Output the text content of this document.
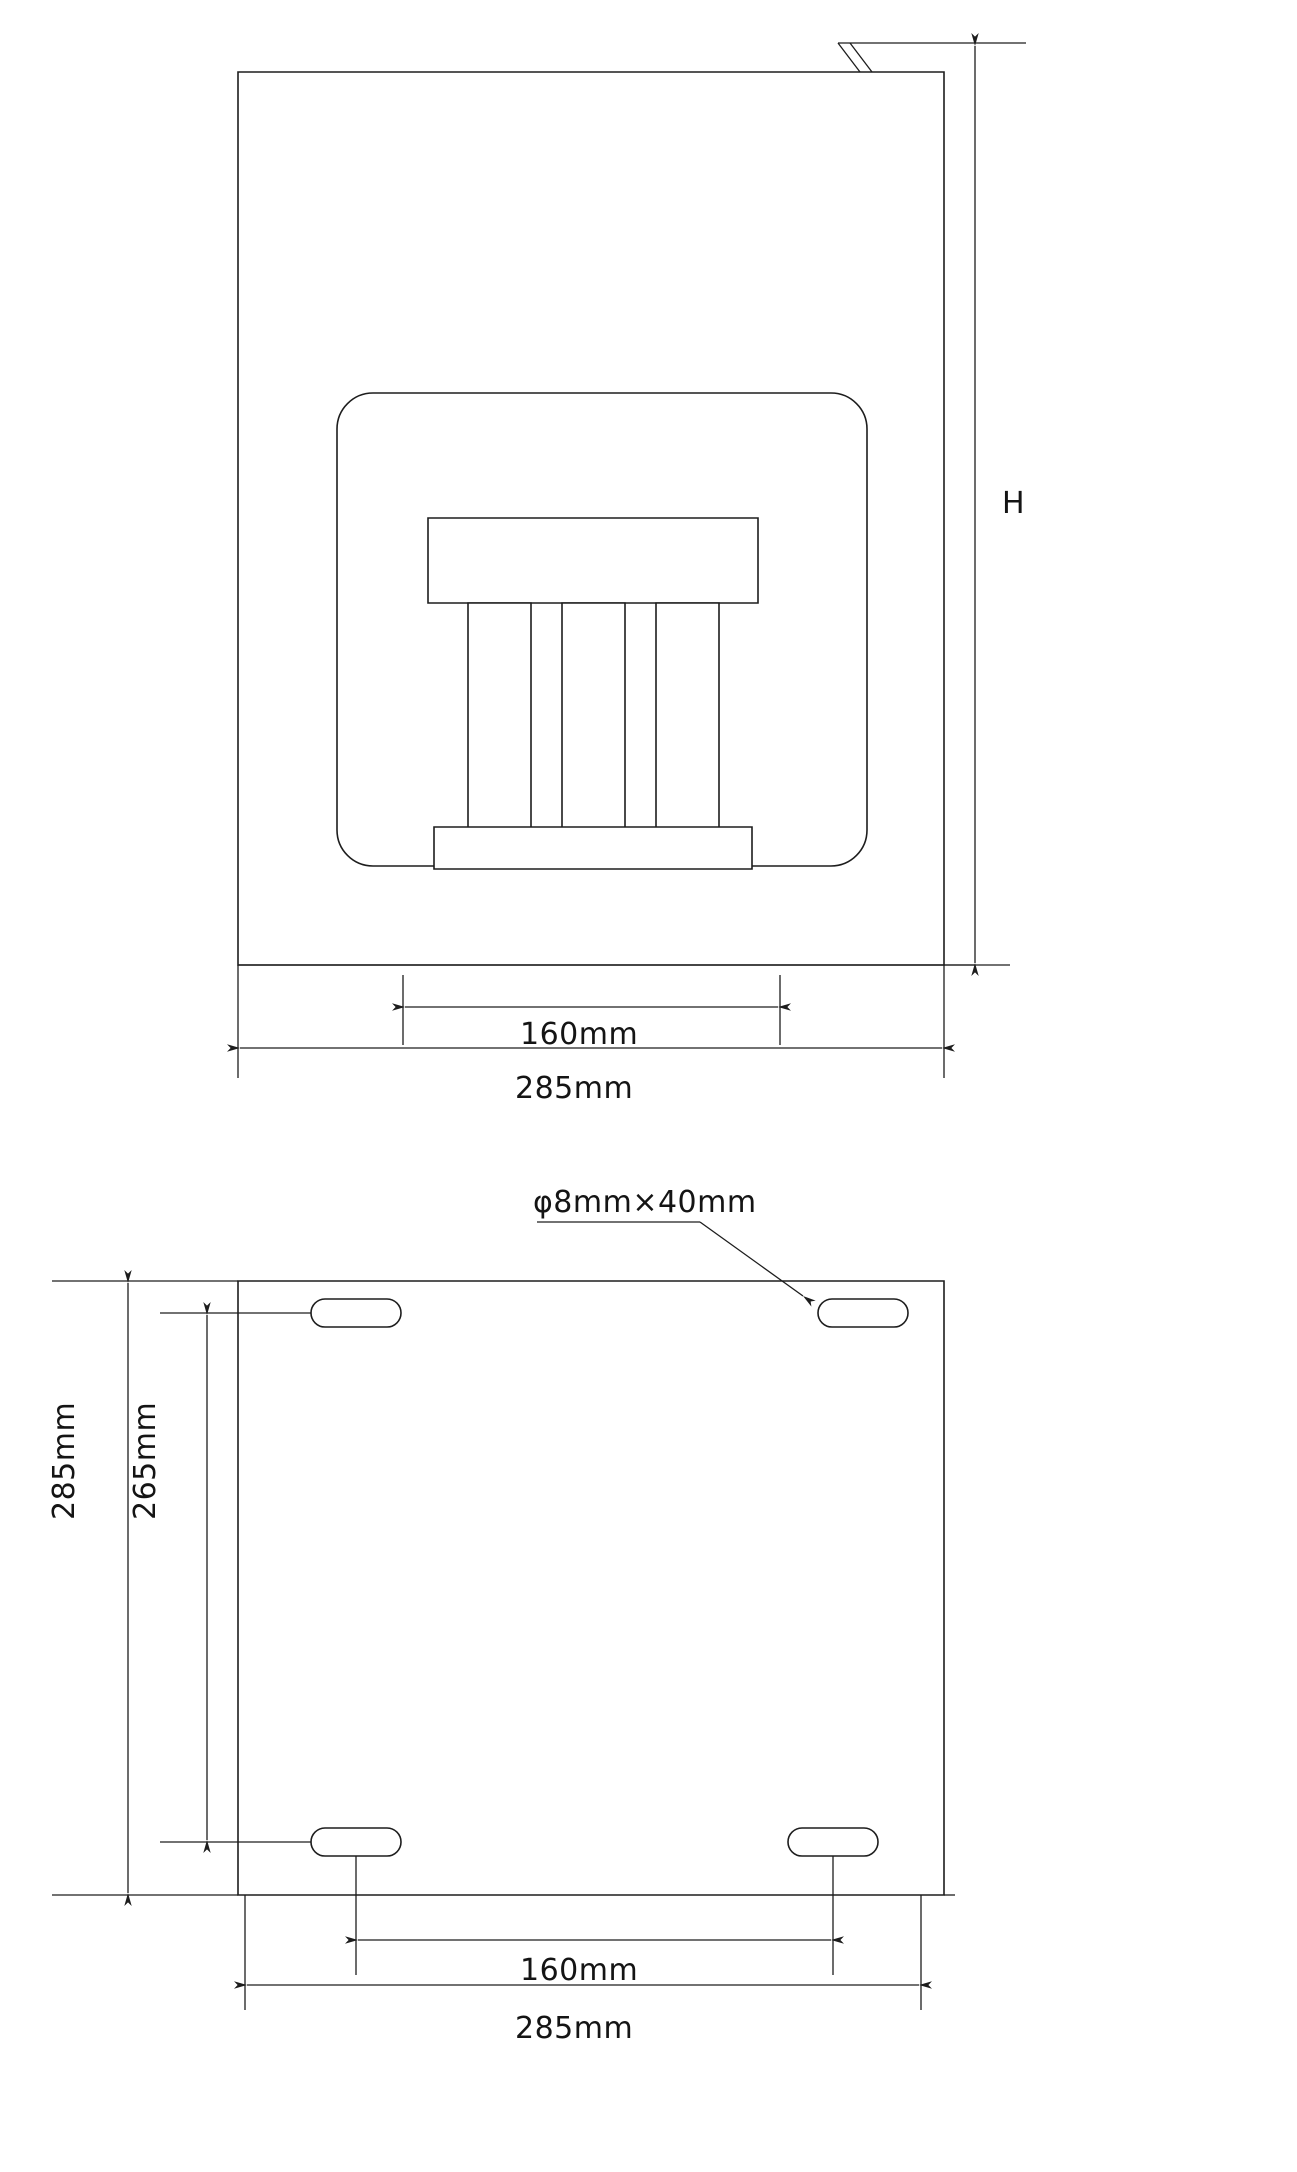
H
160mm
285mm
φ8mm×40mm
285mm 265mm
160mm
285mm
